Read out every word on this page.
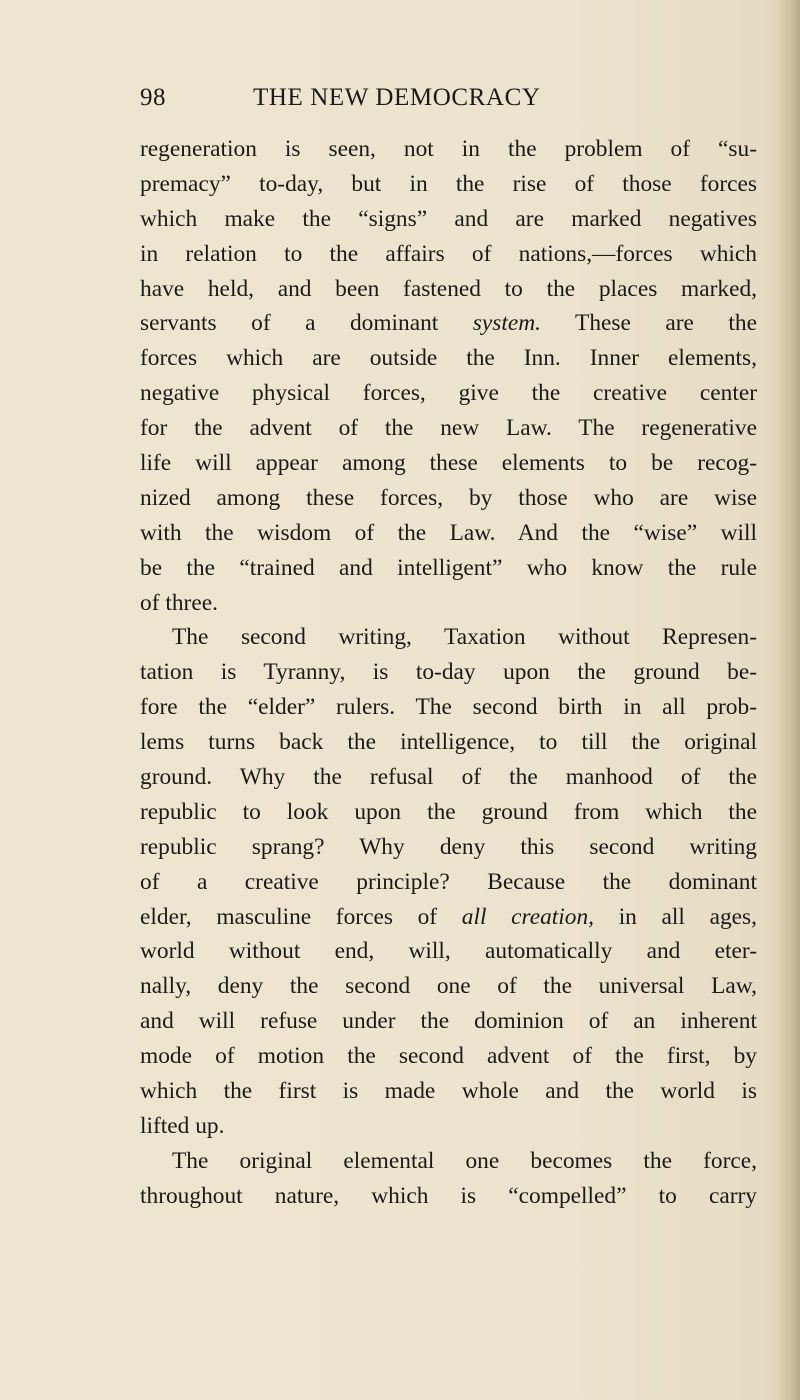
98	THE NEW DEMOCRACY
regeneration is seen, not in the problem of “su-
premacy” to-day, but in the rise of those forces
which make the “signs” and are marked negatives
in relation to the affairs of nations,—forces which
have held, and been fastened to the places marked,
servants of a dominant system. These are the
forces which are outside the Inn. Inner elements,
negative physical forces, give the creative center
for the advent of the new Law. The regenerative
life will appear among these elements to be recog-
nized among these forces, by those who are wise
with the wisdom of the Law. And the “wise” will
be the “trained and intelligent” who know the rule
of three.
The second writing, Taxation without Represen-
tation is Tyranny, is to-day upon the ground be-
fore the “elder” rulers. The second birth in all prob-
lems turns back the intelligence, to till the original
ground. Why the refusal of the manhood of the
republic to look upon the ground from which the
republic sprang? Why deny this second writing
of a creative principle? Because the dominant
elder, masculine forces of all creation, in all ages,
world without end, will, automatically and eter-
nally, deny the second one of the universal Law,
and will refuse under the dominion of an inherent
mode of motion the second advent of the first, by
which the first is made whole and the world is
lifted up.
The original elemental one becomes the force,
throughout nature, which is “compelled” to carry
